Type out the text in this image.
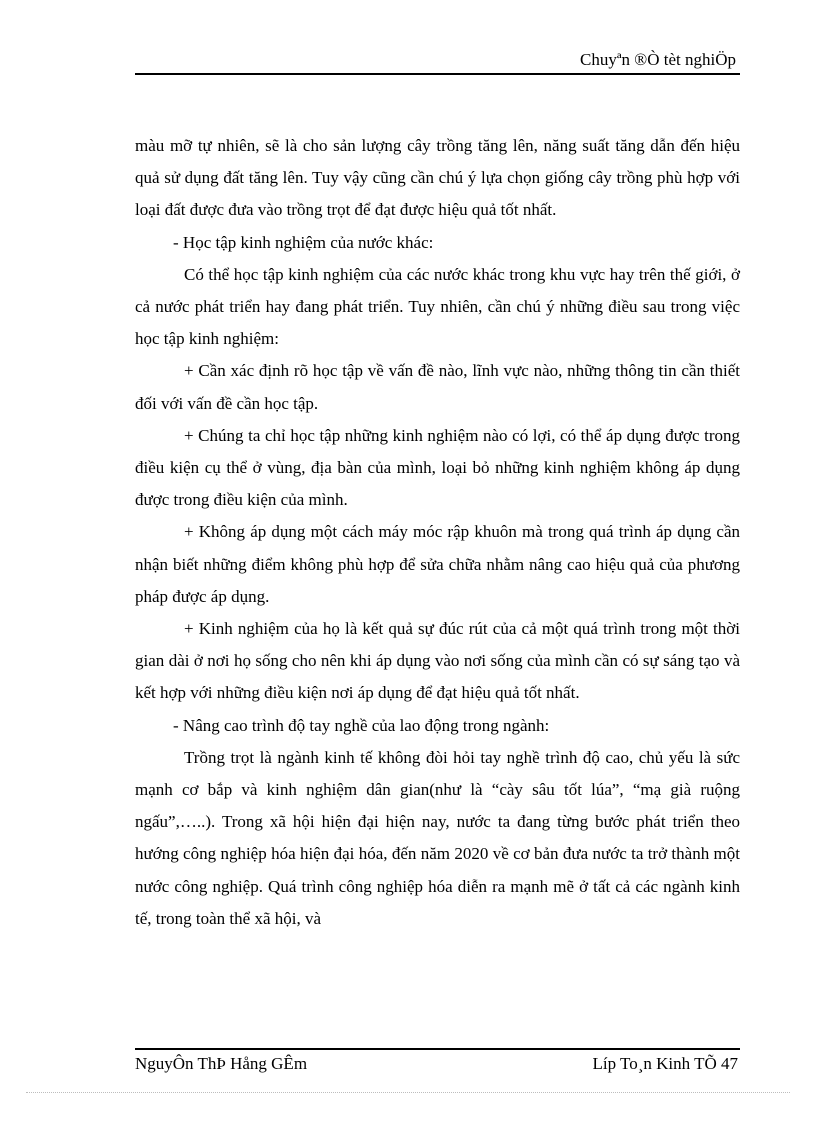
Chuyªn ®Ò tèt nghiÖp

màu mỡ tự nhiên, sẽ là cho sản lượng cây trồng tăng lên, năng suất tăng dẫn đến hiệu quả sử dụng đất tăng lên. Tuy vậy cũng cần chú ý lựa chọn giống cây trồng phù hợp với loại đất được đưa vào trồng trọt để đạt được hiệu quả tốt nhất.

- Học tập kinh nghiệm của nước khác:

Có thể học tập kinh nghiệm của các nước khác trong khu vực hay trên thế giới, ở cả nước phát triển hay đang phát triển. Tuy nhiên, cần chú ý những điều sau trong việc học tập kinh nghiệm:

+ Cần xác định rõ học tập về vấn đề nào, lĩnh vực nào, những thông tin cần thiết đối với vấn đề cần học tập.

+ Chúng ta chỉ học tập những kinh nghiệm nào có lợi, có thể áp dụng được trong điều kiện cụ thể ở vùng, địa bàn của mình, loại bỏ những kinh nghiệm không áp dụng được trong điều kiện của mình.

+ Không áp dụng một cách máy móc rập khuôn mà trong quá trình áp dụng cần nhận biết những điểm không phù hợp để sửa chữa nhằm nâng cao hiệu quả của phương pháp được áp dụng.

+ Kinh nghiệm của họ là kết quả sự đúc rút của cả một quá trình trong một thời gian dài ở nơi họ sống cho nên khi áp dụng vào nơi sống của mình cần có sự sáng tạo và kết hợp với những điều kiện nơi áp dụng để đạt hiệu quả tốt nhất.

- Nâng cao trình độ tay nghề của lao động trong ngành:

Trồng trọt là ngành kinh tế không đòi hỏi tay nghề trình độ cao, chủ yếu là sức mạnh cơ bắp và kinh nghiệm dân gian(như là “cày sâu tốt lúa”, “mạ già ruộng ngấu”,…..). Trong xã hội hiện đại hiện nay, nước ta đang từng bước phát triển theo hướng công nghiệp hóa hiện đại hóa, đến năm 2020 về cơ bản đưa nước ta trở thành một nước công nghiệp. Quá trình công nghiệp hóa diễn ra mạnh mẽ ở tất cả các ngành kinh tế, trong toàn thể xã hội, và

NguyÔn ThÞ Hång GÊm	Líp To¸n Kinh TÕ 47
